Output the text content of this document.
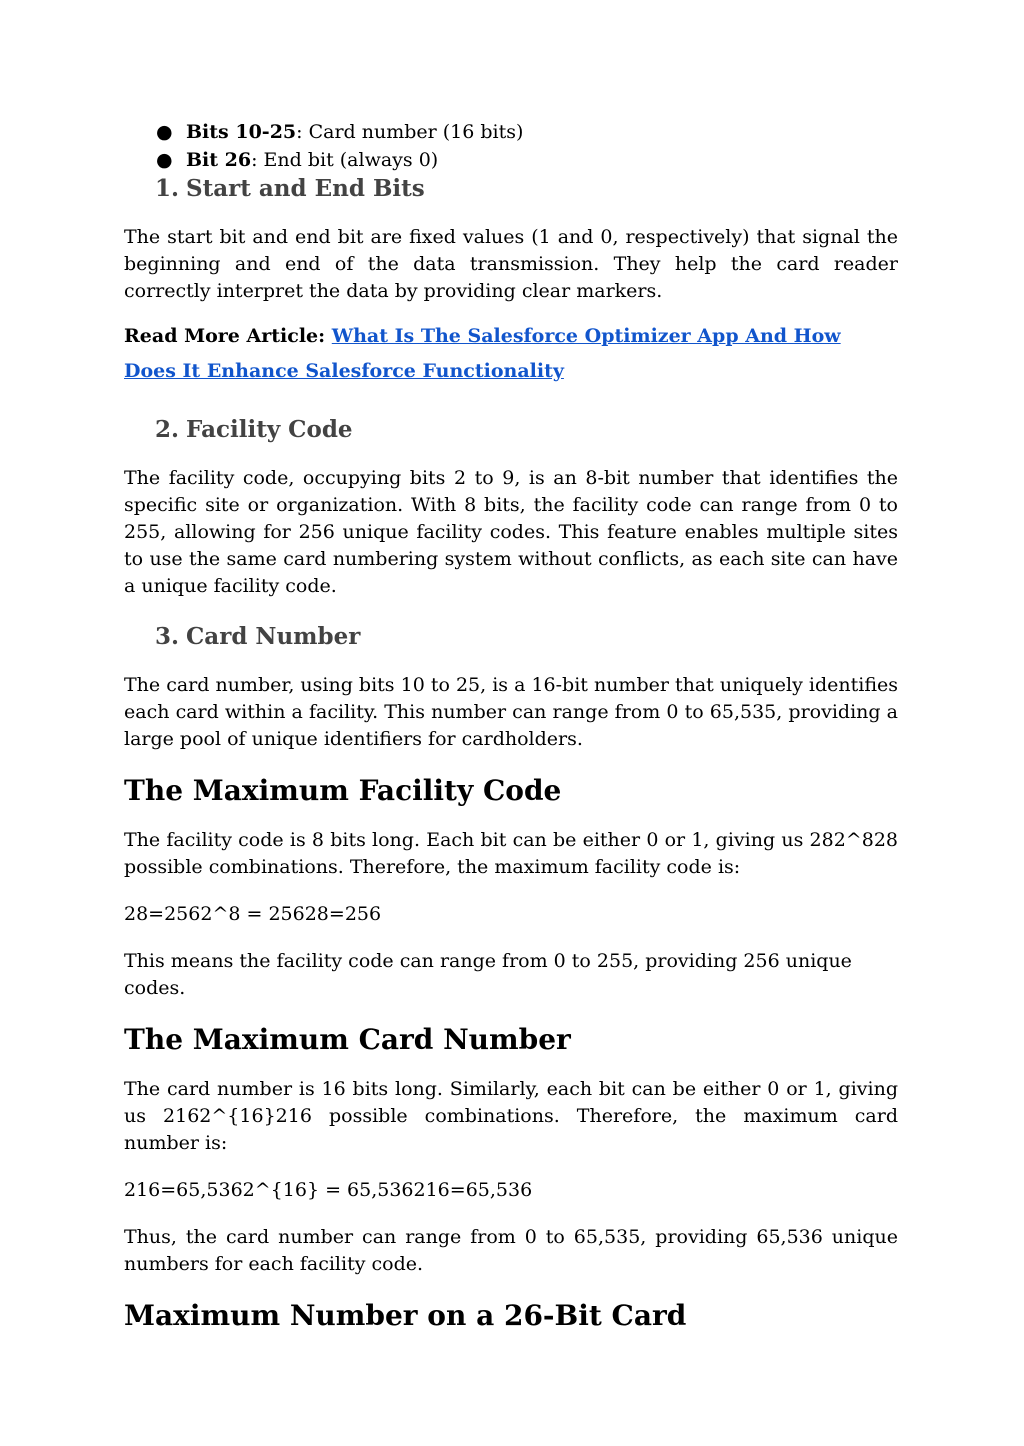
● Bits 10-25: Card number (16 bits)
● Bit 26: End bit (always 0)
1. Start and End Bits

The start bit and end bit are fixed values (1 and 0, respectively) that signal the beginning and end of the data transmission. They help the card reader correctly interpret the data by providing clear markers.

Read More Article: What Is The Salesforce Optimizer App And How Does It Enhance Salesforce Functionality

2. Facility Code

The facility code, occupying bits 2 to 9, is an 8-bit number that identifies the specific site or organization. With 8 bits, the facility code can range from 0 to 255, allowing for 256 unique facility codes. This feature enables multiple sites to use the same card numbering system without conflicts, as each site can have a unique facility code.

3. Card Number

The card number, using bits 10 to 25, is a 16-bit number that uniquely identifies each card within a facility. This number can range from 0 to 65,535, providing a large pool of unique identifiers for cardholders.

The Maximum Facility Code

The facility code is 8 bits long. Each bit can be either 0 or 1, giving us 282^828 possible combinations. Therefore, the maximum facility code is:

28=2562^8 = 25628=256

This means the facility code can range from 0 to 255, providing 256 unique codes.

The Maximum Card Number

The card number is 16 bits long. Similarly, each bit can be either 0 or 1, giving us 2162^{16}216 possible combinations. Therefore, the maximum card number is:

216=65,5362^{16} = 65,536216=65,536

Thus, the card number can range from 0 to 65,535, providing 65,536 unique numbers for each facility code.

Maximum Number on a 26-Bit Card
